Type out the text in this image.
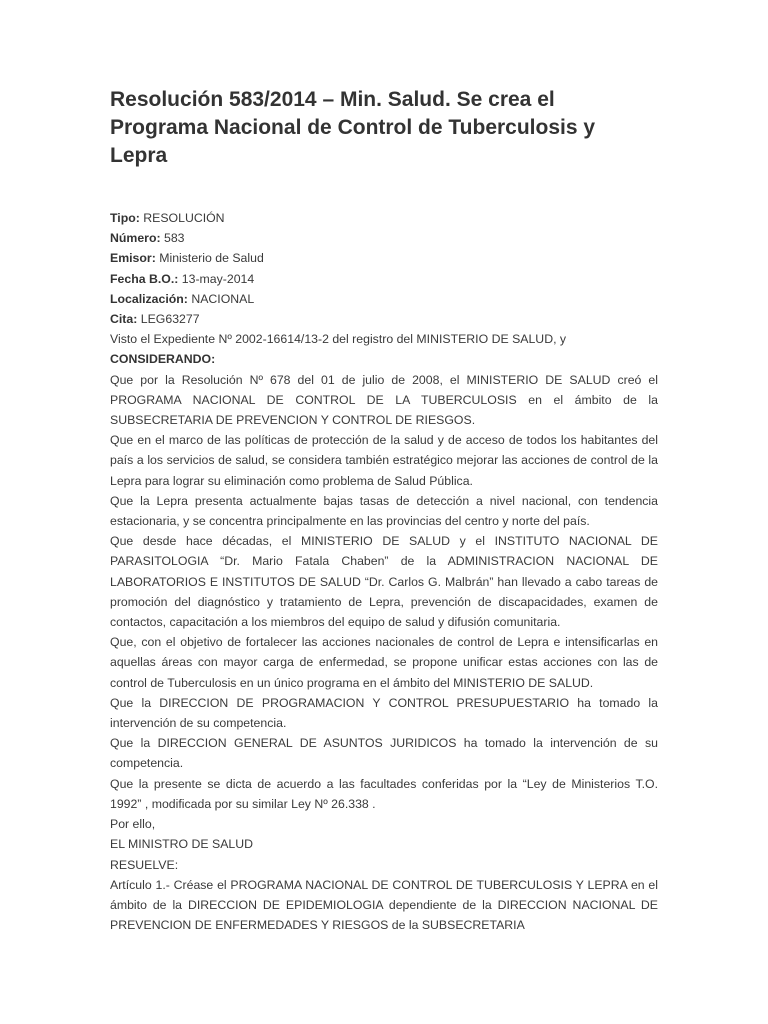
Resolución 583/2014 – Min. Salud. Se crea el Programa Nacional de Control de Tuberculosis y Lepra
Tipo: RESOLUCIÓN
Número: 583
Emisor: Ministerio de Salud
Fecha B.O.: 13-may-2014
Localización: NACIONAL
Cita: LEG63277

Visto el Expediente Nº 2002-16614/13-2 del registro del MINISTERIO DE SALUD, y

CONSIDERANDO:

Que por la Resolución Nº 678 del 01 de julio de 2008, el MINISTERIO DE SALUD creó el PROGRAMA NACIONAL DE CONTROL DE LA TUBERCULOSIS en el ámbito de la SUBSECRETARIA DE PREVENCION Y CONTROL DE RIESGOS.

Que en el marco de las políticas de protección de la salud y de acceso de todos los habitantes del país a los servicios de salud, se considera también estratégico mejorar las acciones de control de la Lepra para lograr su eliminación como problema de Salud Pública.

Que la Lepra presenta actualmente bajas tasas de detección a nivel nacional, con tendencia estacionaria, y se concentra principalmente en las provincias del centro y norte del país.

Que desde hace décadas, el MINISTERIO DE SALUD y el INSTITUTO NACIONAL DE PARASITOLOGIA “Dr. Mario Fatala Chaben” de la ADMINISTRACION NACIONAL DE LABORATORIOS E INSTITUTOS DE SALUD “Dr. Carlos G. Malbrán” han llevado a cabo tareas de promoción del diagnóstico y tratamiento de Lepra, prevención de discapacidades, examen de contactos, capacitación a los miembros del equipo de salud y difusión comunitaria.

Que, con el objetivo de fortalecer las acciones nacionales de control de Lepra e intensificarlas en aquellas áreas con mayor carga de enfermedad, se propone unificar estas acciones con las de control de Tuberculosis en un único programa en el ámbito del MINISTERIO DE SALUD.

Que la DIRECCION DE PROGRAMACION Y CONTROL PRESUPUESTARIO ha tomado la intervención de su competencia.

Que la DIRECCION GENERAL DE ASUNTOS JURIDICOS ha tomado la intervención de su competencia.

Que la presente se dicta de acuerdo a las facultades conferidas por la “Ley de Ministerios T.O. 1992” , modificada por su similar Ley Nº 26.338 .

Por ello,

EL MINISTRO DE SALUD

RESUELVE:

Artículo 1.- Créase el PROGRAMA NACIONAL DE CONTROL DE TUBERCULOSIS Y LEPRA en el ámbito de la DIRECCION DE EPIDEMIOLOGIA dependiente de la DIRECCION NACIONAL DE PREVENCION DE ENFERMEDADES Y RIESGOS de la SUBSECRETARIA
